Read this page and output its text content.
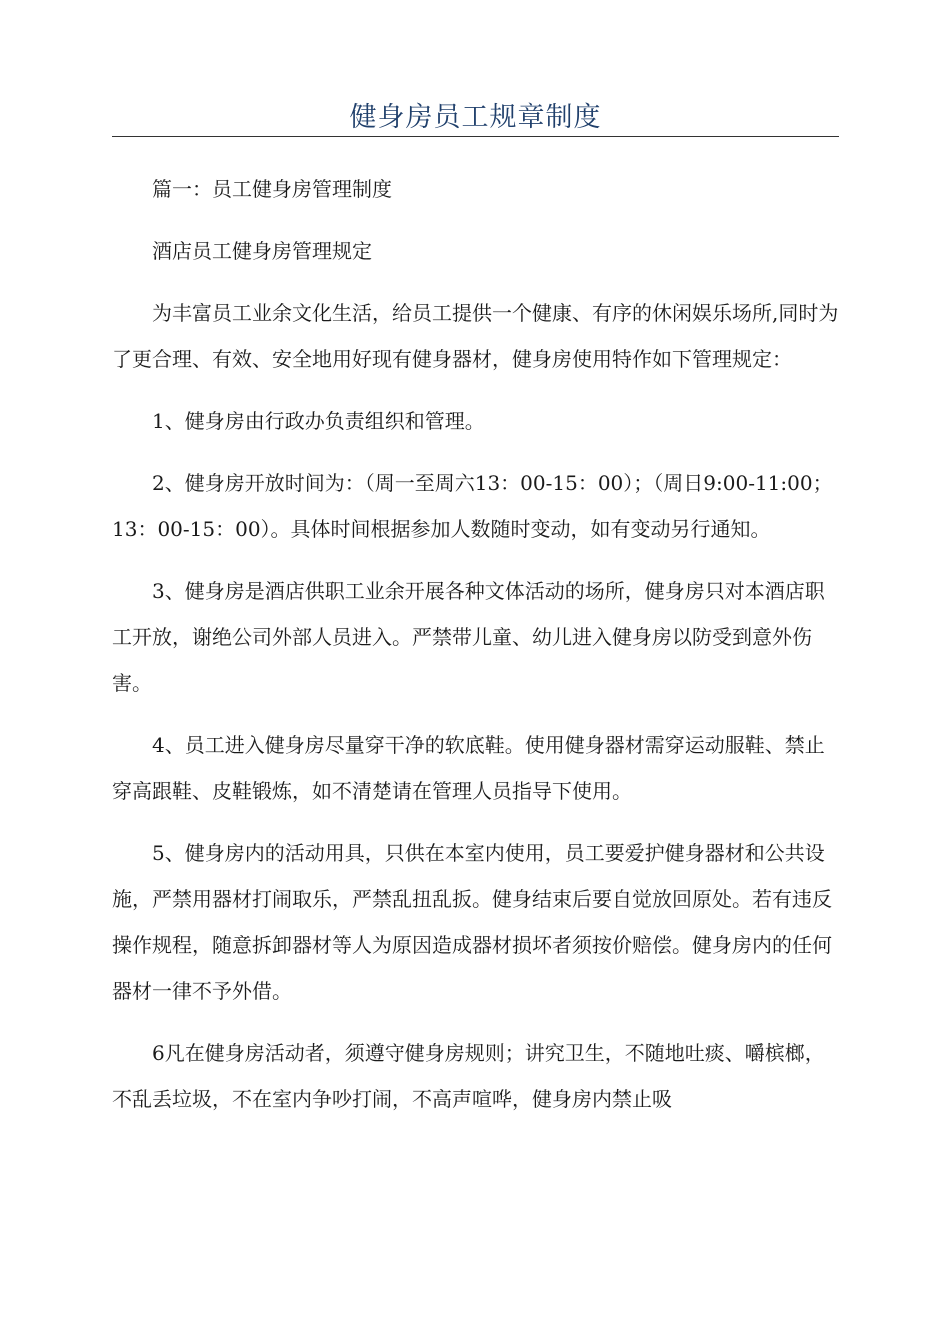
健身房员工规章制度

篇一：员工健身房管理制度

酒店员工健身房管理规定

为丰富员工业余文化生活，给员工提供一个健康、有序的休闲娱乐场所,同时为了更合理、有效、安全地用好现有健身器材，健身房使用特作如下管理规定：

1、健身房由行政办负责组织和管理。

2、健身房开放时间为：（周一至周六13：00-15：00）；（周日9:00-11:00；13：00-15：00）。具体时间根据参加人数随时变动，如有变动另行通知。

3、健身房是酒店供职工业余开展各种文体活动的场所，健身房只对本酒店职工开放，谢绝公司外部人员进入。严禁带儿童、幼儿进入健身房以防受到意外伤害。

4、员工进入健身房尽量穿干净的软底鞋。使用健身器材需穿运动服鞋、禁止穿高跟鞋、皮鞋锻炼，如不清楚请在管理人员指导下使用。

5、健身房内的活动用具，只供在本室内使用，员工要爱护健身器材和公共设施，严禁用器材打闹取乐，严禁乱扭乱扳。健身结束后要自觉放回原处。若有违反操作规程，随意拆卸器材等人为原因造成器材损坏者须按价赔偿。健身房内的任何器材一律不予外借。

6凡在健身房活动者，须遵守健身房规则；讲究卫生，不随地吐痰、嚼槟榔，不乱丢垃圾，不在室内争吵打闹，不高声喧哗，健身房内禁止吸
